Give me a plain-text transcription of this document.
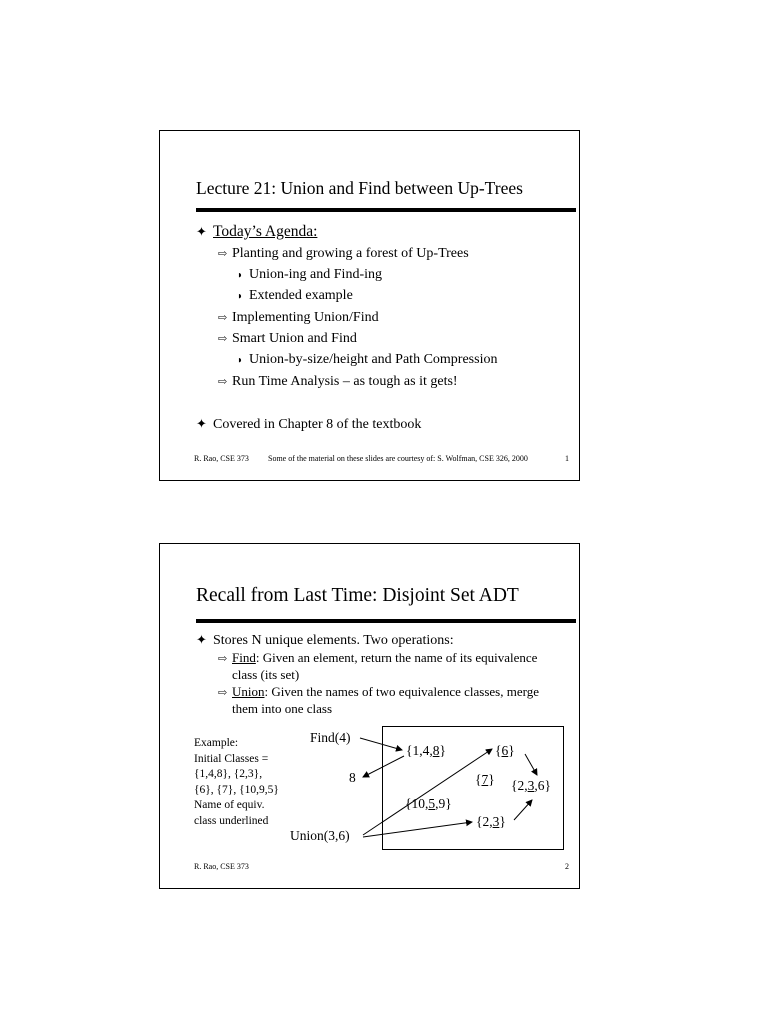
Lecture 21: Union and Find between Up-Trees
✦ Today’s Agenda:
⇨ Planting and growing a forest of Up-Trees
◗ Union-ing and Find-ing
◗ Extended example
⇨ Implementing Union/Find
⇨ Smart Union and Find
◗ Union-by-size/height and Path Compression
⇨ Run Time Analysis – as tough as it gets!
✦ Covered in Chapter 8 of the textbook
R. Rao, CSE 373 Some of the material on these slides are courtesy of: S. Wolfman, CSE 326, 2000	1
Recall from Last Time: Disjoint Set ADT
✦ Stores N unique elements. Two operations:
⇨ Find: Given an element, return the name of its equivalence
class (its set)
⇨ Union: Given the names of two equivalence classes, merge
them into one class
Example:
Initial Classes =
{1,4,8}, {2,3},
{6}, {7}, {10,9,5}
Name of equiv.
class underlined
Find(4)
8
Union(3,6)
{1,4,8}	{6}
{7} {2,3,6}
{10,5,9}
{2,3}
R. Rao, CSE 373	2
